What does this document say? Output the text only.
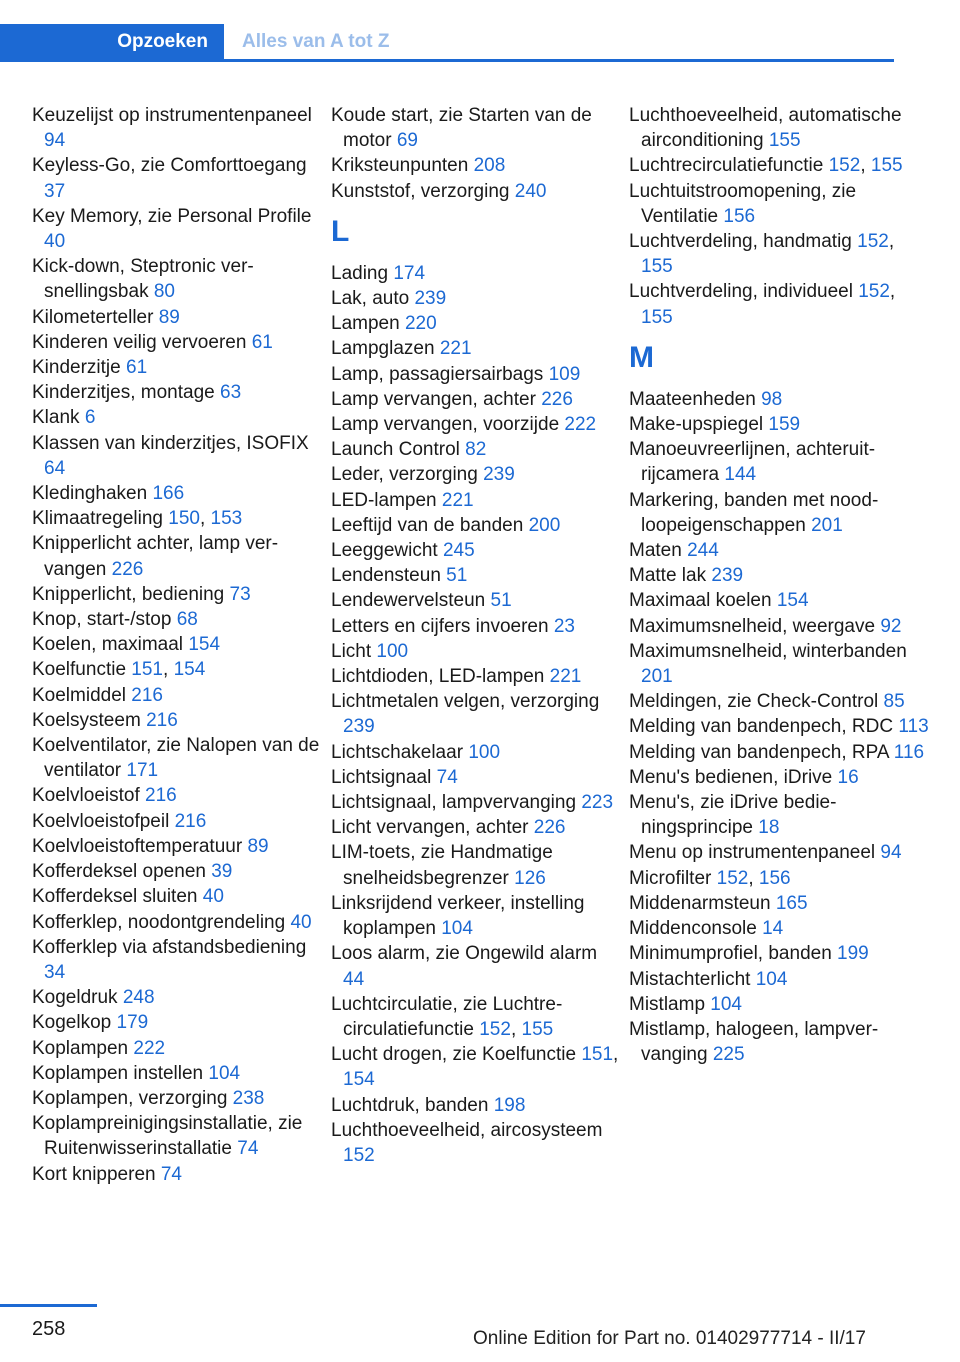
Opzoeken Alles van A tot Z
Keuzelijst op instrumentenpaneel 94
Keyless-Go, zie Comforttoegang 37
Key Memory, zie Personal Profile 40
Kick-down, Steptronic versnellingsbak 80
Kilometerteller 89
Kinderen veilig vervoeren 61
Kinderzitje 61
Kinderzitjes, montage 63
Klank 6
Klassen van kinderzitjes, ISOFIX 64
Kledinghaken 166
Klimaatregeling 150, 153
Knipperlicht achter, lamp vervangen 226
Knipperlicht, bediening 73
Knop, start-/stop 68
Koelen, maximaal 154
Koelfunctie 151, 154
Koelmiddel 216
Koelsysteem 216
Koelventilator, zie Nalopen van de ventilator 171
Koelvloeistof 216
Koelvloeistofpeil 216
Koelvloeistoftemperatuur 89
Kofferdeksel openen 39
Kofferdeksel sluiten 40
Kofferklep, noodontgrendeling 40
Kofferklep via afstandsbediening 34
Kogeldruk 248
Kogelkop 179
Koplampen 222
Koplampen instellen 104
Koplampen, verzorging 238
Koplampreinigingsinstallatie, zie Ruitenwisserinstallatie 74
Kort knipperen 74
Koude start, zie Starten van de motor 69
Kriksteunpunten 208
Kunststof, verzorging 240
L
Lading 174
Lak, auto 239
Lampen 220
Lampglazen 221
Lamp, passagiersairbags 109
Lamp vervangen, achter 226
Lamp vervangen, voorzijde 222
Launch Control 82
Leder, verzorging 239
LED-lampen 221
Leeftijd van de banden 200
Leeggewicht 245
Lendensteun 51
Lendewervelsteun 51
Letters en cijfers invoeren 23
Licht 100
Lichtdioden, LED-lampen 221
Lichtmetalen velgen, verzorging 239
Lichtschakelaar 100
Lichtsignaal 74
Lichtsignaal, lampvervanging 223
Licht vervangen, achter 226
LIM-toets, zie Handmatige snelheidsbegrenzer 126
Linksrijdend verkeer, instelling koplampen 104
Loos alarm, zie Ongewild alarm 44
Luchtcirculatie, zie Luchtrecirculatiefunctie 152, 155
Lucht drogen, zie Koelfunctie 151, 154
Luchtdruk, banden 198
Luchthoeveelheid, aircosysteem 152
Luchthoeveelheid, automatische airconditioning 155
Luchtrecirculatiefunctie 152, 155
Luchtuitstroomopening, zie Ventilatie 156
Luchtverdeling, handmatig 152, 155
Luchtverdeling, individueel 152, 155
M
Maateenheden 98
Make-upspiegel 159
Manoeuvreerlijnen, achteruitrijcamera 144
Markering, banden met noodloopeigenschappen 201
Maten 244
Matte lak 239
Maximaal koelen 154
Maximumsnelheid, weergave 92
Maximumsnelheid, winterbanden 201
Meldingen, zie Check-Control 85
Melding van bandenpech, RDC 113
Melding van bandenpech, RPA 116
Menu's bedienen, iDrive 16
Menu's, zie iDrive bedieningsprincipe 18
Menu op instrumentenpaneel 94
Microfilter 152, 156
Middenarmsteun 165
Middenconsole 14
Minimumprofiel, banden 199
Mistachterlicht 104
Mistlamp 104
Mistlamp, halogeen, lampvervanging 225
258	Online Edition for Part no. 01402977714 - II/17
